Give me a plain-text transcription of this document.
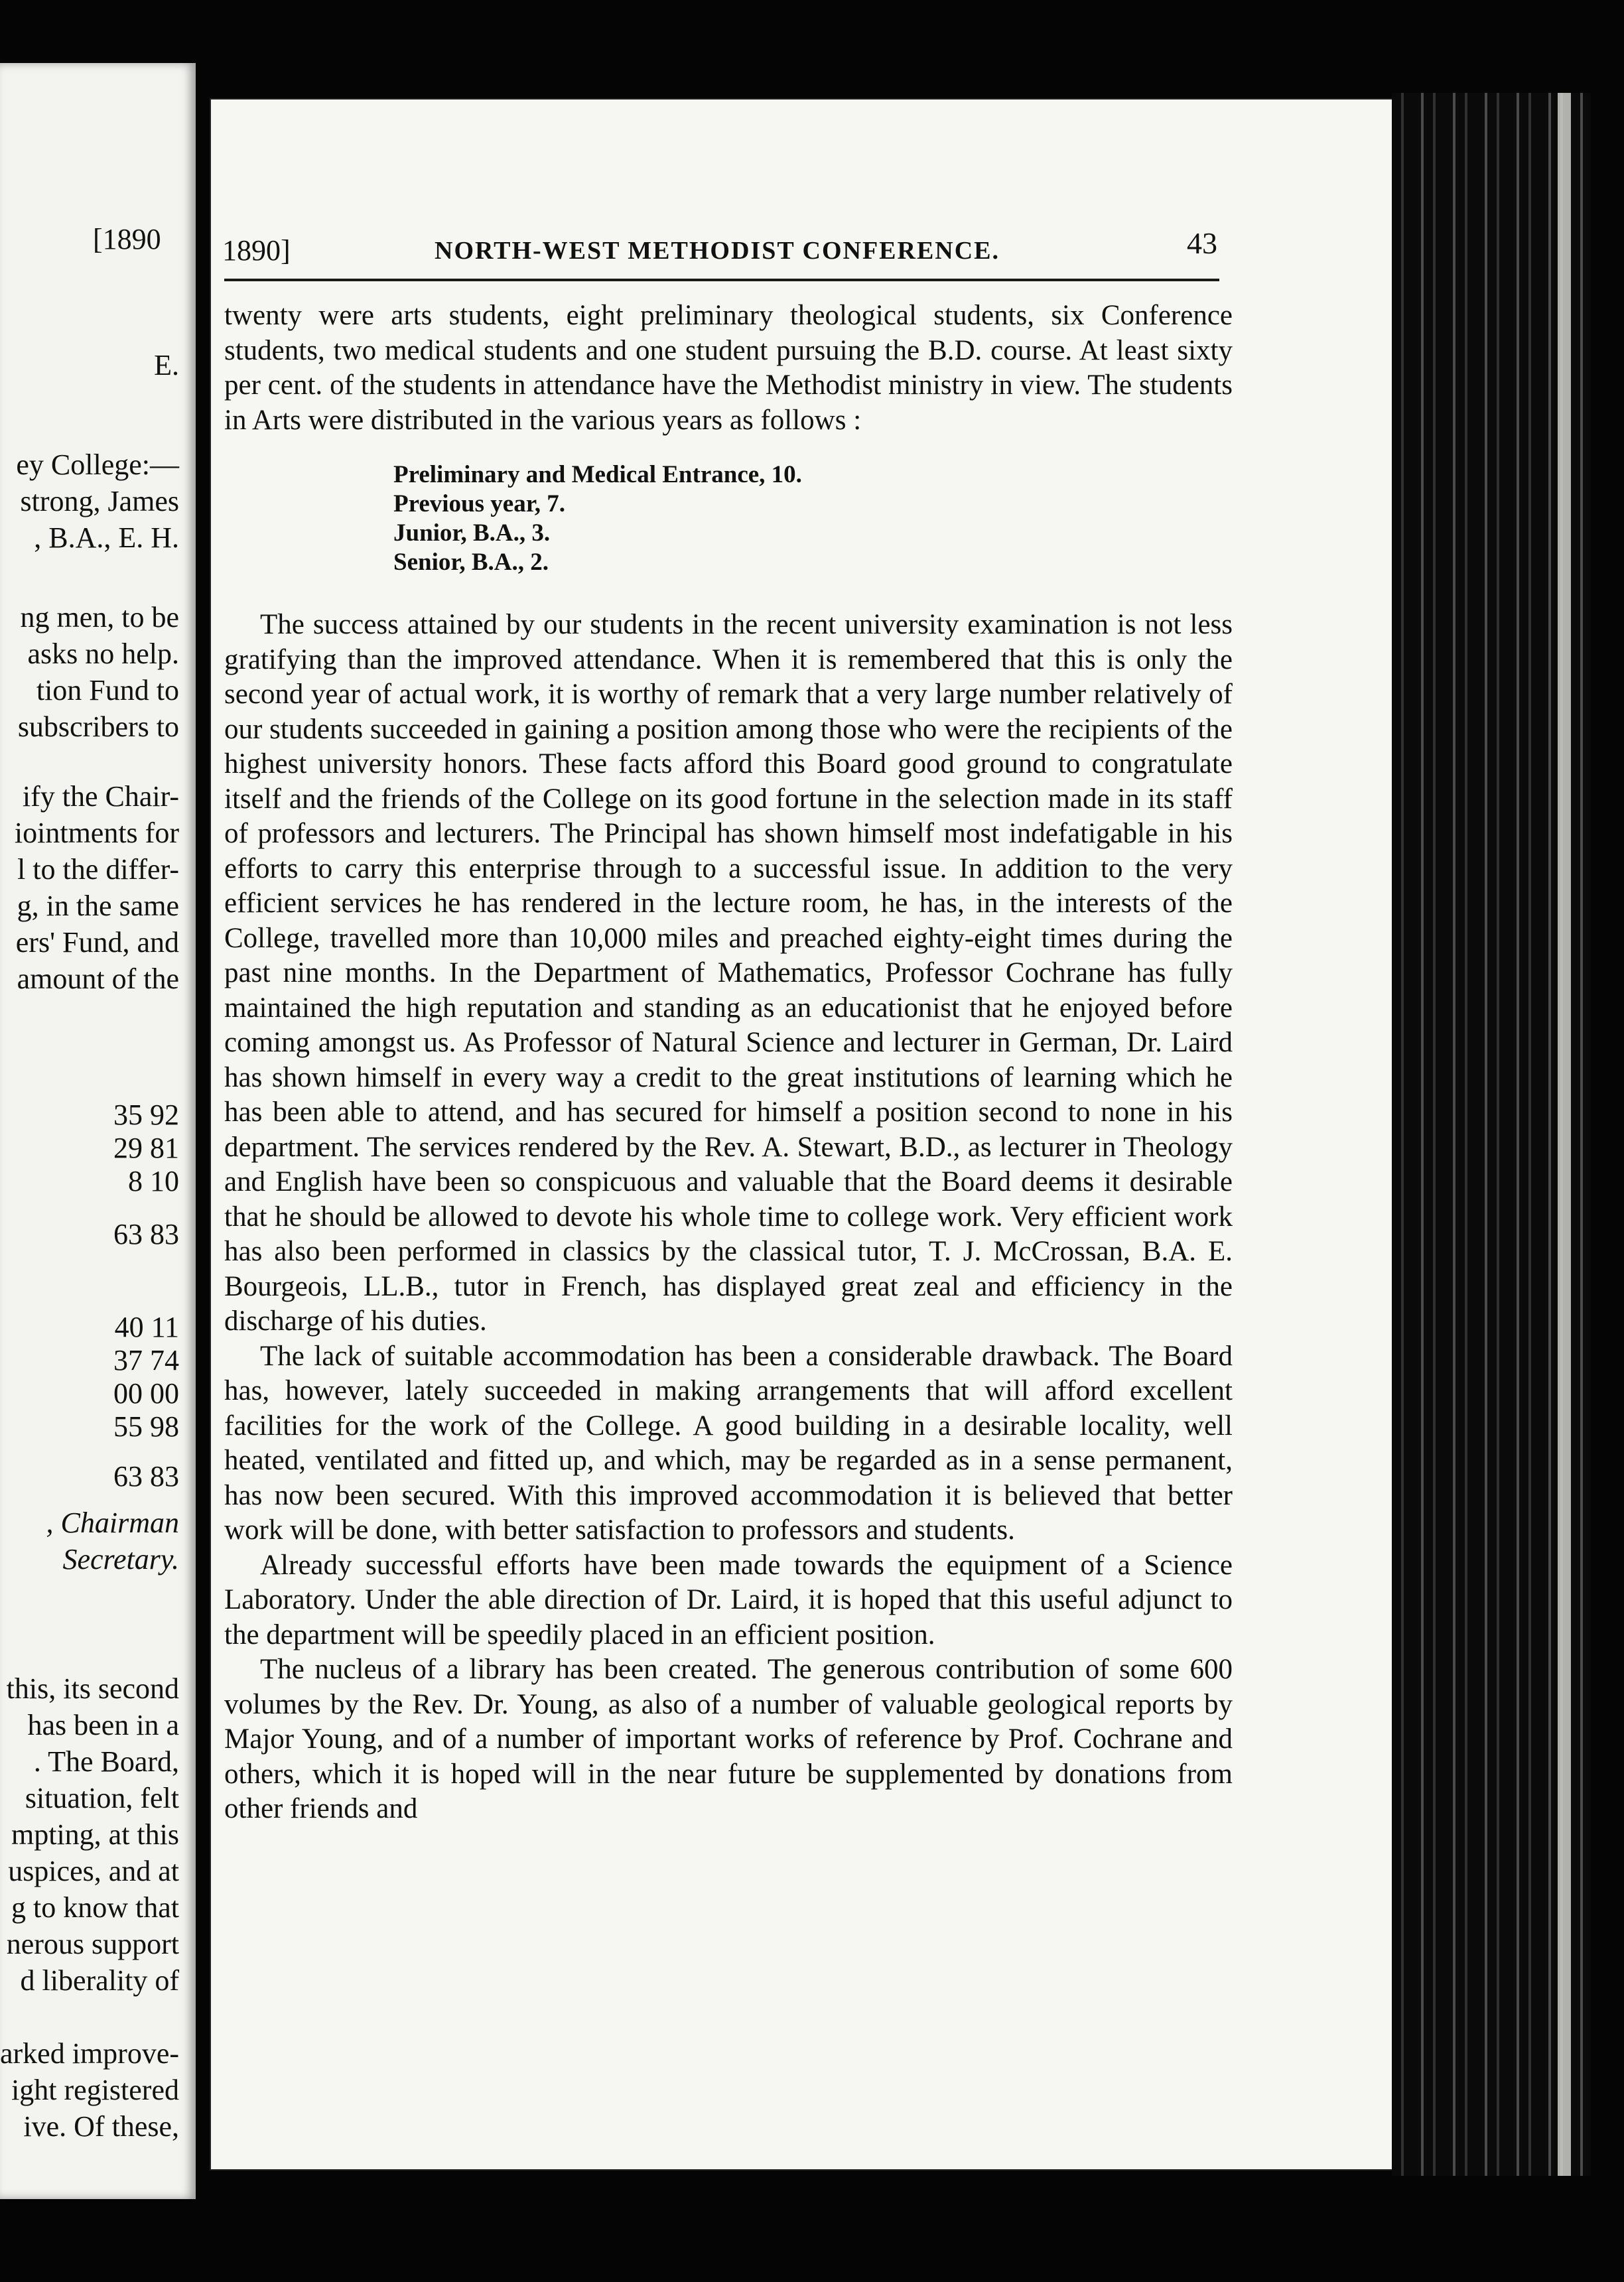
[1890
E.
ey College:—
strong, James
, B.A., E. H.
ng men, to be
asks no help.
tion Fund to
subscribers to
ify the Chair-
iointments for
l to the differ-
g, in the same
ers' Fund, and
amount of the
35 92
29 81
8 10
63 83
40 11
37 74
00 00
55 98
63 83
, Chairman
Secretary.
this, its second
has been in a
. The Board,
situation, felt
mpting, at this
uspices, and at
g to know that
nerous support
d liberality of
arked improve-
ight registered
ive. Of these,
1890]	NORTH-WEST METHODIST CONFERENCE.	43

twenty were arts students, eight preliminary theological students, six Conference students, two medical students and one student pursuing the B.D. course. At least sixty per cent. of the students in attendance have the Methodist ministry in view. The students in Arts were distributed in the various years as follows :

Preliminary and Medical Entrance, 10.
Previous year, 7.
Junior, B.A., 3.
Senior, B.A., 2.

The success attained by our students in the recent university examination is not less gratifying than the improved attendance. When it is remembered that this is only the second year of actual work, it is worthy of remark that a very large number relatively of our students succeeded in gaining a position among those who were the recipients of the highest university honors. These facts afford this Board good ground to congratulate itself and the friends of the College on its good fortune in the selection made in its staff of professors and lecturers. The Principal has shown himself most indefatigable in his efforts to carry this enterprise through to a successful issue. In addition to the very efficient services he has rendered in the lecture room, he has, in the interests of the College, travelled more than 10,000 miles and preached eighty-eight times during the past nine months. In the Department of Mathematics, Professor Cochrane has fully maintained the high reputation and standing as an educationist that he enjoyed before coming amongst us. As Professor of Natural Science and lecturer in German, Dr. Laird has shown himself in every way a credit to the great institutions of learning which he has been able to attend, and has secured for himself a position second to none in his department. The services rendered by the Rev. A. Stewart, B.D., as lecturer in Theology and English have been so conspicuous and valuable that the Board deems it desirable that he should be allowed to devote his whole time to college work. Very efficient work has also been performed in classics by the classical tutor, T. J. McCrossan, B.A. E. Bourgeois, LL.B., tutor in French, has displayed great zeal and efficiency in the discharge of his duties.

The lack of suitable accommodation has been a considerable drawback. The Board has, however, lately succeeded in making arrangements that will afford excellent facilities for the work of the College. A good building in a desirable locality, well heated, ventilated and fitted up, and which, may be regarded as in a sense permanent, has now been secured. With this improved accommodation it is believed that better work will be done, with better satisfaction to professors and students.

Already successful efforts have been made towards the equipment of a Science Laboratory. Under the able direction of Dr. Laird, it is hoped that this useful adjunct to the department will be speedily placed in an efficient position.

The nucleus of a library has been created. The generous contribution of some 600 volumes by the Rev. Dr. Young, as also of a number of valuable geological reports by Major Young, and of a number of important works of reference by Prof. Cochrane and others, which it is hoped will in the near future be supplemented by donations from other friends and
